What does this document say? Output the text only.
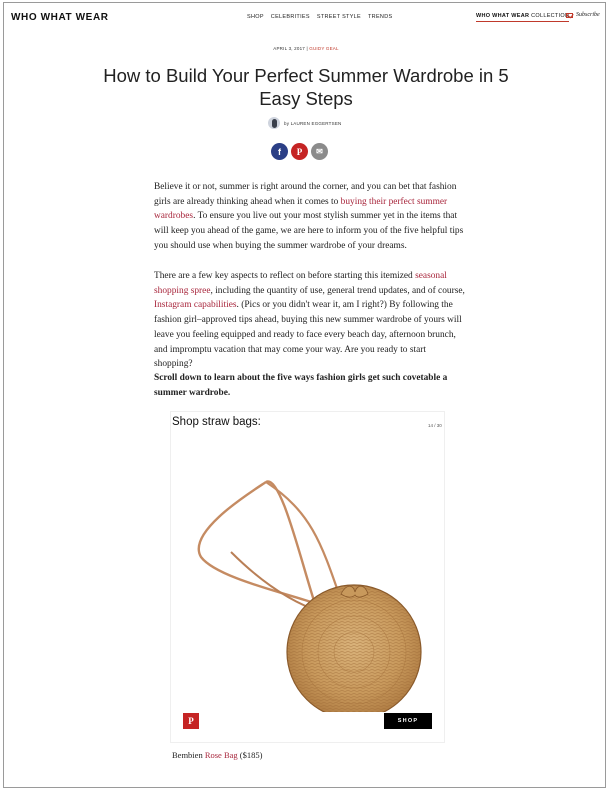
WHO WHAT WEAR	SHOP CELEBRITIES STREET STYLE TRENDS	WHO WHAT WEAR COLLECTION Subscribe
APRIL 3, 2017 | GUIDY GEAL
How to Build Your Perfect Summer Wardrobe in 5 Easy Steps
by LAUREN EGGERTSEN
f P ✉
Believe it or not, summer is right around the corner, and you can bet that fashion girls are already thinking ahead when it comes to buying their perfect summer wardrobes. To ensure you live out your most stylish summer yet in the items that will keep you ahead of the game, we are here to inform you of the five helpful tips you should use when buying the summer wardrobe of your dreams.
There are a few key aspects to reflect on before starting this itemized seasonal shopping spree, including the quantity of use, general trend updates, and of course, Instagram capabilities. (Pics or you didn't wear it, am I right?) By following the fashion girl–approved tips ahead, buying this new summer wardrobe of yours will leave you feeling equipped and ready to face every beach day, afternoon brunch, and impromptu vacation that may come your way. Are you ready to start shopping?
Scroll down to learn about the five ways fashion girls get such covetable a summer wardrobe.
Shop straw bags:	14 / 30
P	SHOP
Bembien Rose Bag ($185)
